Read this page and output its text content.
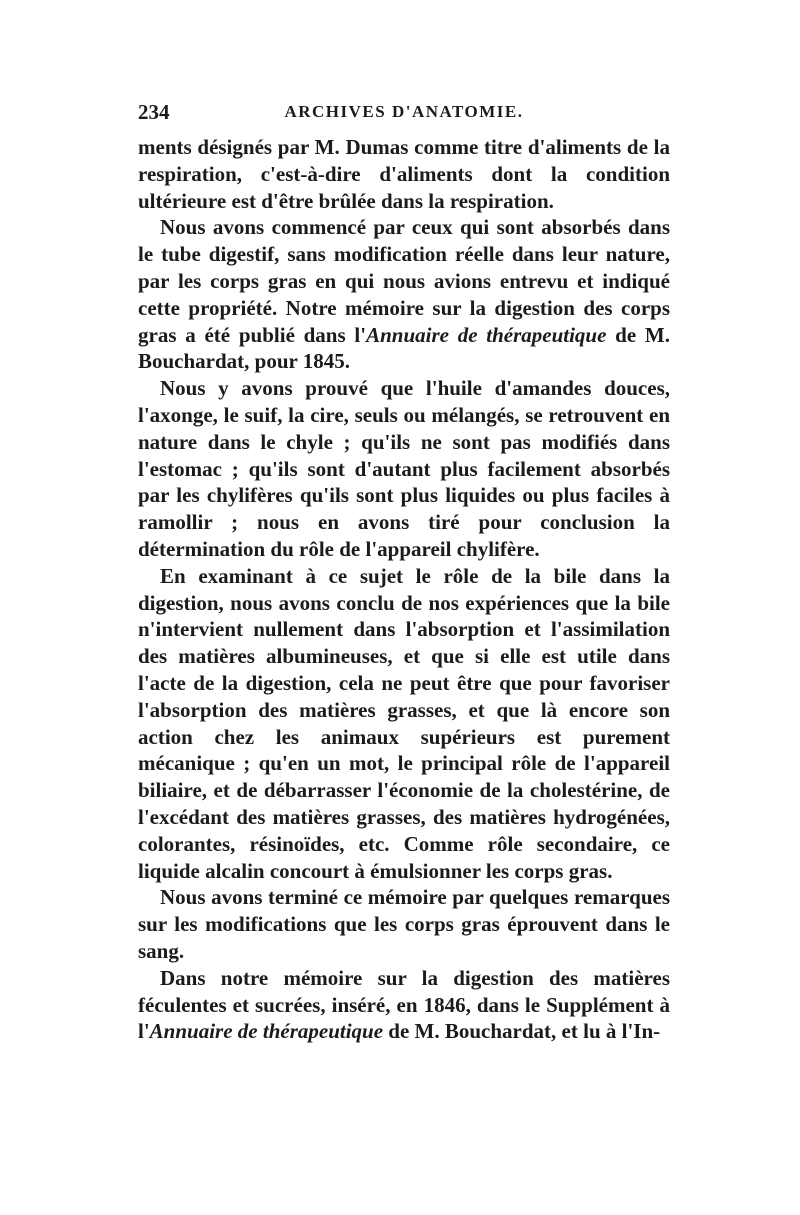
234	ARCHIVES D'ANATOMIE.

ments désignés par M. Dumas comme titre d'aliments de la respiration, c'est-à-dire d'aliments dont la condition ultérieure est d'être brûlée dans la respiration.

Nous avons commencé par ceux qui sont absorbés dans le tube digestif, sans modification réelle dans leur nature, par les corps gras en qui nous avions entrevu et indiqué cette propriété. Notre mémoire sur la digestion des corps gras a été publié dans l'Annuaire de thérapeutique de M. Bouchardat, pour 1845.

Nous y avons prouvé que l'huile d'amandes douces, l'axonge, le suif, la cire, seuls ou mélangés, se retrouvent en nature dans le chyle ; qu'ils ne sont pas modifiés dans l'estomac ; qu'ils sont d'autant plus facilement absorbés par les chylifères qu'ils sont plus liquides ou plus faciles à ramollir ; nous en avons tiré pour conclusion la détermination du rôle de l'appareil chylifère.

En examinant à ce sujet le rôle de la bile dans la digestion, nous avons conclu de nos expériences que la bile n'intervient nullement dans l'absorption et l'assimilation des matières albumineuses, et que si elle est utile dans l'acte de la digestion, cela ne peut être que pour favoriser l'absorption des matières grasses, et que là encore son action chez les animaux supérieurs est purement mécanique ; qu'en un mot, le principal rôle de l'appareil biliaire, et de débarrasser l'économie de la cholestérine, de l'excédant des matières grasses, des matières hydrogénées, colorantes, résinoïdes, etc. Comme rôle secondaire, ce liquide alcalin concourt à émulsionner les corps gras.

Nous avons terminé ce mémoire par quelques remarques sur les modifications que les corps gras éprouvent dans le sang.

Dans notre mémoire sur la digestion des matières féculentes et sucrées, inséré, en 1846, dans le Supplément à l'Annuaire de thérapeutique de M. Bouchardat, et lu à l'In-
